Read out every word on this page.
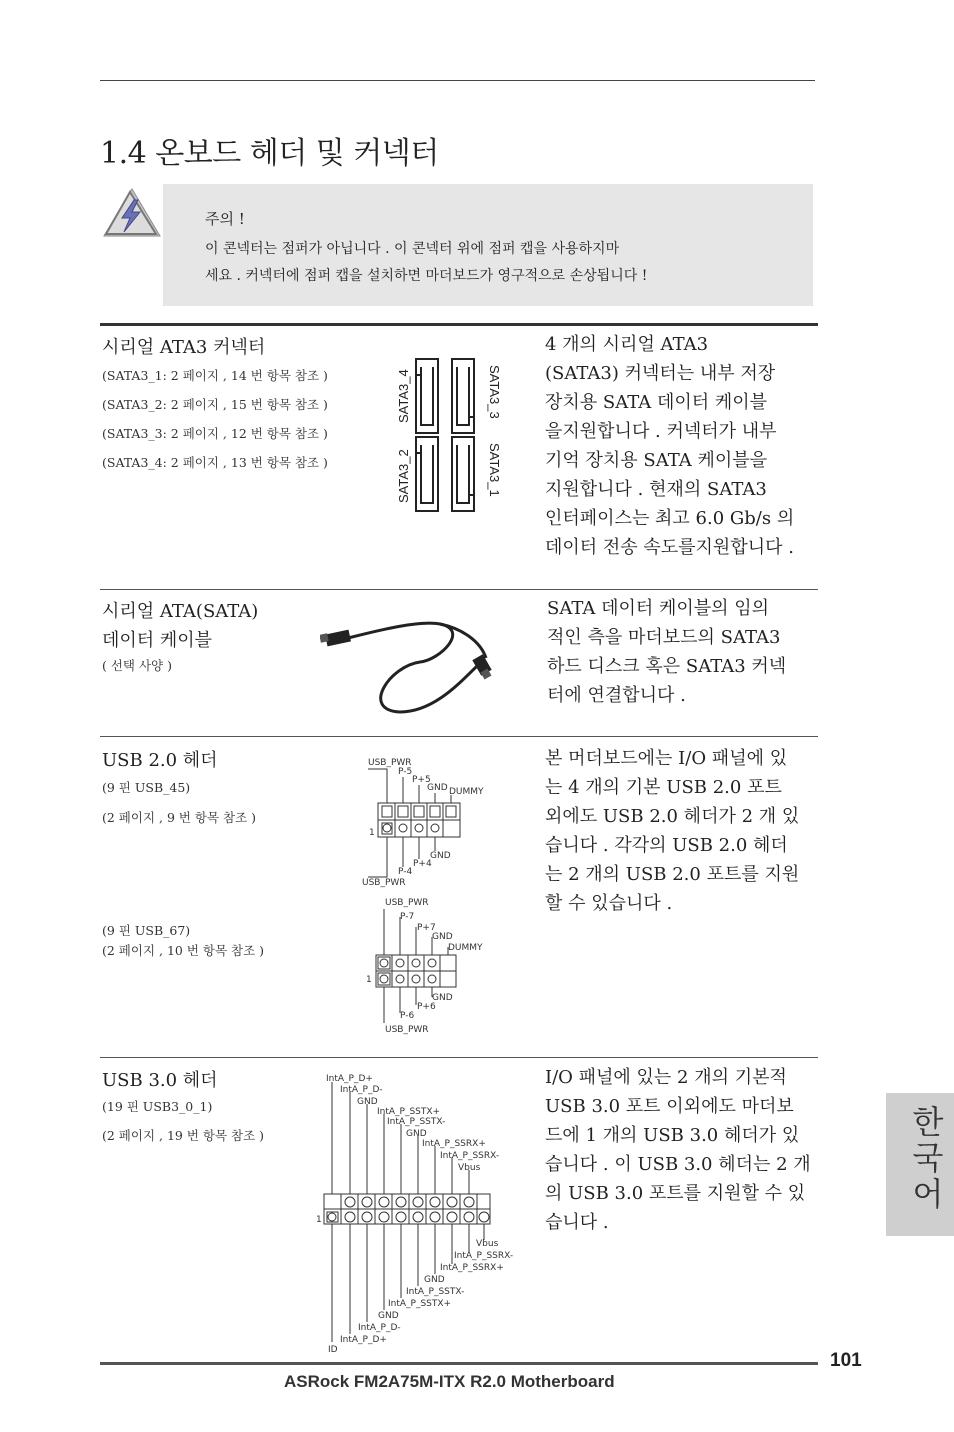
1.4 온보드 헤더 및 커넥터
주의 !
이 콘넥터는 점퍼가 아닙니다 . 이 콘넥터 위에 점퍼 캡을 사용하지마
세요 . 커넥터에 점퍼 캡을 설치하면 마더보드가 영구적으로 손상됩니다 !
시리얼 ATA3 커넥터
(SATA3_1: 2 페이지 , 14 번 항목 참조 )
(SATA3_2: 2 페이지 , 15 번 항목 참조 )
(SATA3_3: 2 페이지 , 12 번 항목 참조 )
(SATA3_4: 2 페이지 , 13 번 항목 참조 )
SATA3_4	SATA3_3
SATA3_2	SATA3_1
4 개의 시리얼 ATA3
(SATA3) 커넥터는 내부 저장
장치용 SATA 데이터 케이블
을지원합니다 . 커넥터가 내부
기억 장치용 SATA 케이블을
지원합니다 . 현재의 SATA3
인터페이스는 최고 6.0 Gb/s 의
데이터 전송 속도를지원합니다 .
시리얼 ATA(SATA)
데이터 케이블
( 선택 사양 )
SATA 데이터 케이블의 임의
적인 측을 마더보드의 SATA3
하드 디스크 혹은 SATA3 커넥
터에 연결합니다 .
USB 2.0 헤더
(9 핀 USB_45)
(2 페이지 , 9 번 항목 참조 )
(9 핀 USB_67)
(2 페이지 , 10 번 항목 참조 )
USB_PWR
P-5
P+5
GND DUMMY
1
GND
P+4
P-4
USB_PWR
USB_PWR
P-7
P+7
GND
DUMMY
1
GND
P+6
P-6
USB_PWR
본 머더보드에는 I/O 패널에 있
는 4 개의 기본 USB 2.0 포트
외에도 USB 2.0 헤더가 2 개 있
습니다 . 각각의 USB 2.0 헤더
는 2 개의 USB 2.0 포트를 지원
할 수 있습니다 .
USB 3.0 헤더
(19 핀 USB3_0_1)
(2 페이지 , 19 번 항목 참조 )
IntA_P_D+
IntA_P_D-
GND
IntA_P_SSTX+
IntA_P_SSTX-
GND
IntA_P_SSRX+
IntA_P_SSRX-
Vbus
1
Vbus
IntA_P_SSRX-
IntA_P_SSRX+
GND
IntA_P_SSTX-
IntA_P_SSTX+
GND
IntA_P_D-
IntA_P_D+
ID
I/O 패널에 있는 2 개의 기본적
USB 3.0 포트 이외에도 마더보
드에 1 개의 USB 3.0 헤더가 있
습니다 . 이 USB 3.0 헤더는 2 개
의 USB 3.0 포트를 지원할 수 있
습니다 .
한국어
101
ASRock FM2A75M-ITX R2.0 Motherboard
